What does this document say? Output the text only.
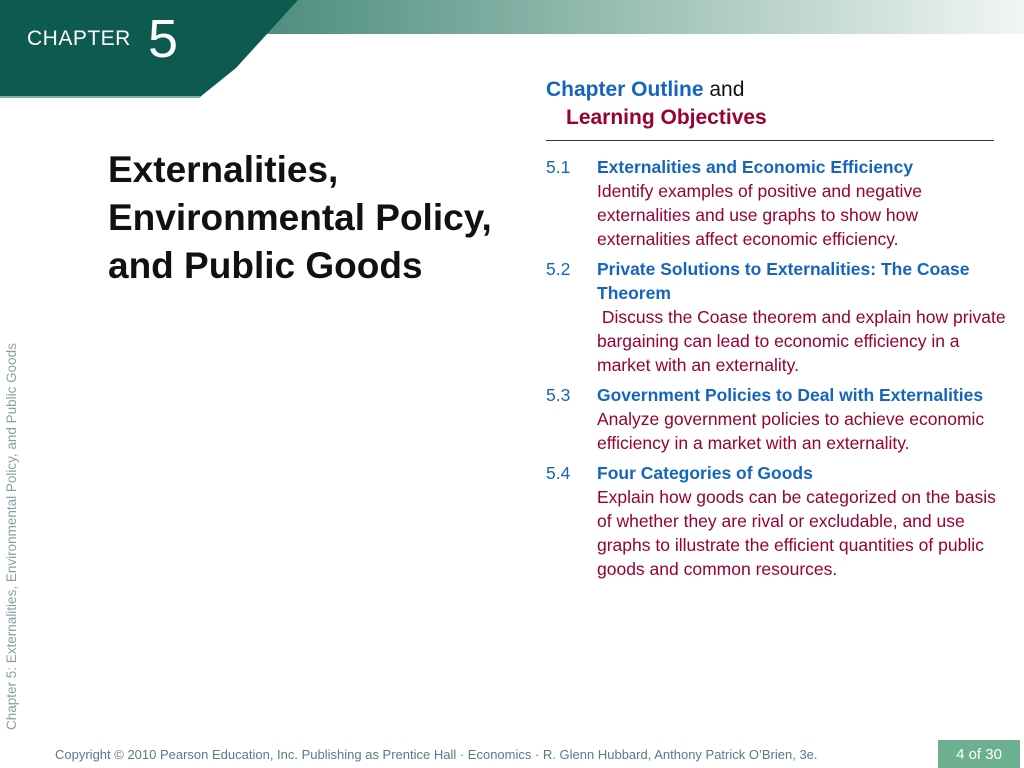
CHAPTER 5
Chapter 5: Externalities, Environmental Policy, and Public Goods
Externalities,
Environmental Policy,
and Public Goods
Chapter Outline and
Learning Objectives
5.1	Externalities and Economic Efficiency
Identify examples of positive and negative externalities and use graphs to show how externalities affect economic efficiency.
5.2	Private Solutions to Externalities: The Coase Theorem
Discuss the Coase theorem and explain how private bargaining can lead to economic efficiency in a market with an externality.
5.3	Government Policies to Deal with Externalities
Analyze government policies to achieve economic efficiency in a market with an externality.
5.4	Four Categories of Goods
Explain how goods can be categorized on the basis of whether they are rival or excludable, and use graphs to illustrate the efficient quantities of public goods and common resources.
Copyright © 2010 Pearson Education, Inc. Publishing as Prentice Hall · Economics · R. Glenn Hubbard, Anthony Patrick O’Brien, 3e.	4 of 30
